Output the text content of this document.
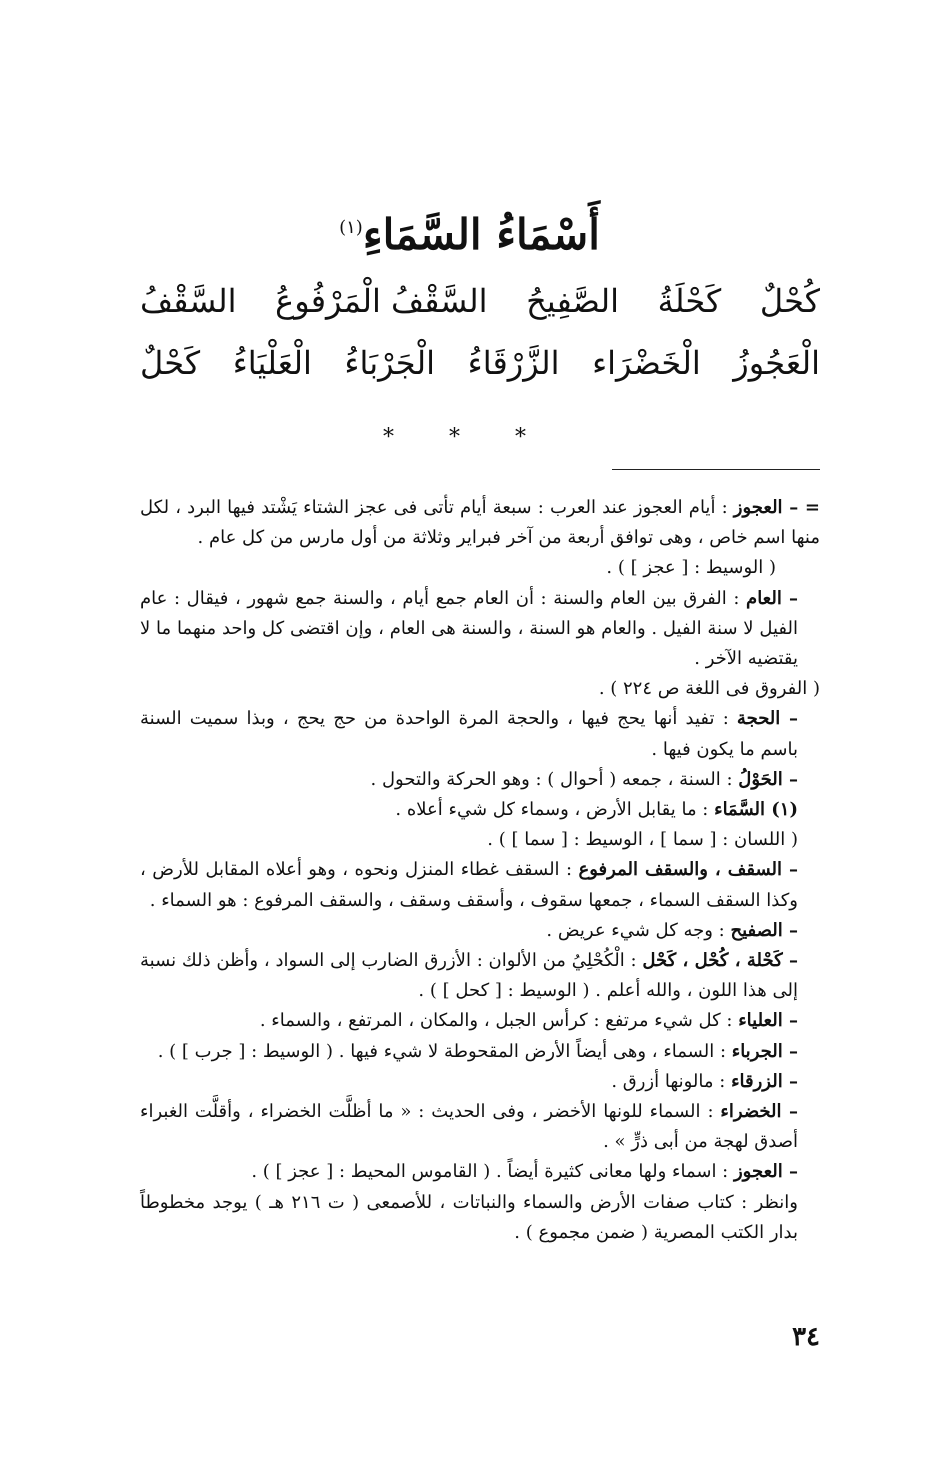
أَسْمَاءُ السَّمَاءِ$^{(١)}$
السَّقْفُ السَّقْفُ الْمَرْفُوعُ الصَّفِيحُ كَحْلَةُ كُحْلٌ
كَحْلٌ الْعَلْيَاءُ الْجَرْبَاءُ الزَّرْقَاءُ الْخَضْرَاء الْعَجُوزُ
* * *

= – العجوز : أيام العجوز عند العرب : سبعة أيام تأتى فى عجز الشتاء يَشْتد فيها البرد ، لكل منها اسم خاص ، وهى توافق أربعة من آخر فبراير وثلاثة من أول مارس من كل عام .

( الوسيط : [ عجز ] ) .

– العام : الفرق بين العام والسنة : أن العام جمع أيام ، والسنة جمع شهور ، فيقال : عام الفيل لا سنة الفيل . والعام هو السنة ، والسنة هى العام ، وإن اقتضى كل واحد منهما ما لا يقتضيه الآخر .

( الفروق فى اللغة ص ٢٢٤ ) .

– الحجة : تفيد أنها يحج فيها ، والحجة المرة الواحدة من حج يحج ، وبذا سميت السنة باسم ما يكون فيها .

– الحَوْلُ : السنة ، جمعه ( أحوال ) : وهو الحركة والتحول .

(١) السَّمَاء : ما يقابل الأرض ، وسماء كل شيء أعلاه .

( اللسان : [ سما ] ، الوسيط : [ سما ] ) .

– السقف ، والسقف المرفوع : السقف غطاء المنزل ونحوه ، وهو أعلاه المقابل للأرض ، وكذا السقف السماء ، جمعها سقوف ، وأسقف وسقف ، والسقف المرفوع : هو السماء .

– الصفيح : وجه كل شيء عريض .

– كَحْلة ، كُحْل ، كَحْل : الْكُحْلِيُ من الألوان : الأزرق الضارب إلى السواد ، وأظن ذلك نسبة إلى هذا اللون ، والله أعلم . ( الوسيط : [ كحل ] ) .

– العلياء : كل شيء مرتفع : كرأس الجبل ، والمكان ، المرتفع ، والسماء .

– الجرباء : السماء ، وهى أيضاً الأرض المقحوطة لا شيء فيها . ( الوسيط : [ جرب ] ) .

– الزرقاء : مالونها أزرق .

– الخضراء : السماء للونها الأخضر ، وفى الحديث : « ما أظلَّت الخضراء ، وأقلَّت الغبراء أصدق لهجة من أبى ذرٍّ » .

– العجوز : اسماء ولها معانى كثيرة أيضاً . ( القاموس المحيط : [ عجز ] ) .

وانظر : كتاب صفات الأرض والسماء والنباتات ، للأصمعى ( ت ٢١٦ هـ ) يوجد مخطوطاً بدار الكتب المصرية ( ضمن مجموع ) .

٣٤
